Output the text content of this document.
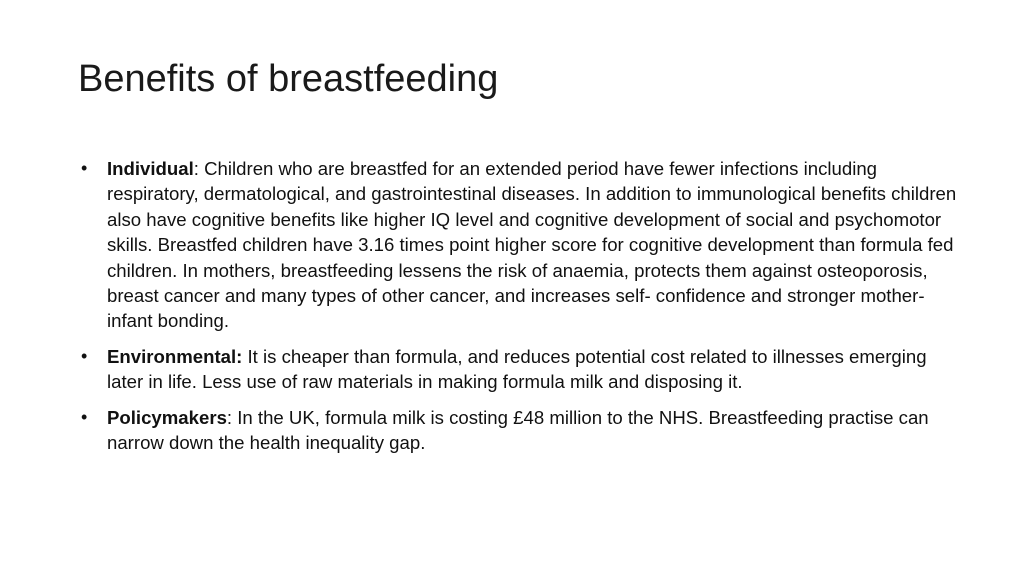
Benefits of breastfeeding
• Individual: Children who are breastfed for an extended period have fewer infections including respiratory, dermatological, and gastrointestinal diseases. In addition to immunological benefits children also have cognitive benefits like higher IQ level and cognitive development of social and psychomotor skills. Breastfed children have 3.16 times point higher score for cognitive development than formula fed children. In mothers, breastfeeding lessens the risk of anaemia, protects them against osteoporosis, breast cancer and many types of other cancer, and increases self- confidence and stronger mother-infant bonding.
• Environmental: It is cheaper than formula, and reduces potential cost related to illnesses emerging later in life. Less use of raw materials in making formula milk and disposing it.
• Policymakers: In the UK, formula milk is costing £48 million to the NHS. Breastfeeding practise can narrow down the health inequality gap.
